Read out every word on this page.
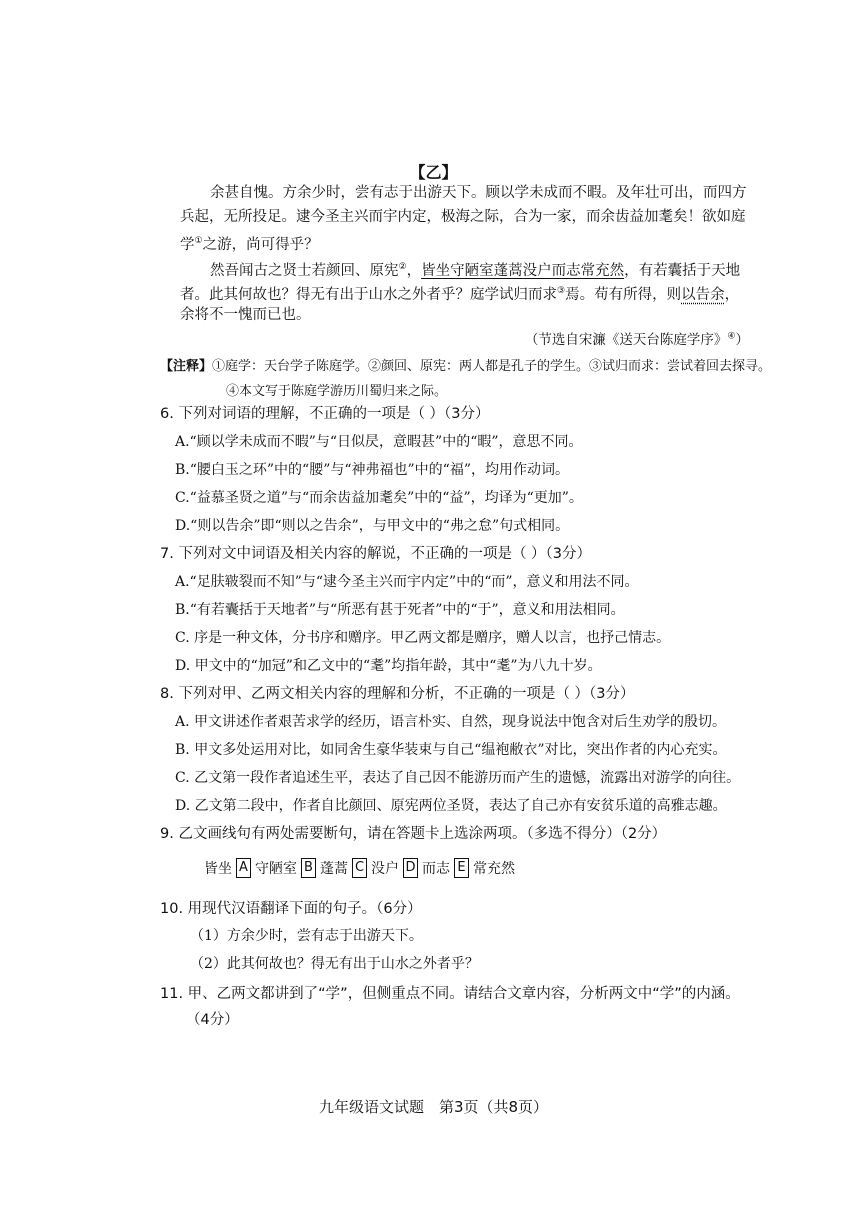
【乙】
余甚自愧。方余少时，尝有志于出游天下。顾以学未成而不暇。及年壮可出，而四方
兵起，无所投足。逮今圣主兴而宇内定，极海之际，合为一家，而余齿益加耄矣！欲如庭
学①之游，尚可得乎？
然吾闻古之贤士若颜回、原宪②，皆坐守陋室蓬蒿没户而志常充然，有若囊括于天地
者。此其何故也？得无有出于山水之外者乎？庭学试归而求③焉。苟有所得，则以告余，
余将不一愧而已也。
（节选自宋濂《送天台陈庭学序》④）
【注释】①庭学：天台学子陈庭学。②颜回、原宪：两人都是孔子的学生。③试归而求：尝试着回去探寻。
④本文写于陈庭学游历川蜀归来之际。
6. 下列对词语的理解，不正确的一项是（ ）（3分）
A.“顾以学未成而不暇”与“日似昃，意暇甚”中的“暇”，意思不同。
B.“腰白玉之环”中的“腰”与“神弗福也”中的“福”，均用作动词。
C.“益慕圣贤之道”与“而余齿益加耄矣”中的“益”，均译为“更加”。
D.“则以告余”即“则以之告余”，与甲文中的“弗之怠”句式相同。
7. 下列对文中词语及相关内容的解说，不正确的一项是（ ）（3分）
A.“足肤皲裂而不知”与“逮今圣主兴而宇内定”中的“而”，意义和用法不同。
B.“有若囊括于天地者”与“所恶有甚于死者”中的“于”，意义和用法相同。
C. 序是一种文体，分书序和赠序。甲乙两文都是赠序，赠人以言，也抒己情志。
D. 甲文中的“加冠”和乙文中的“耄”均指年龄，其中“耄”为八九十岁。
8. 下列对甲、乙两文相关内容的理解和分析，不正确的一项是（ ）（3分）
A. 甲文讲述作者艰苦求学的经历，语言朴实、自然，现身说法中饱含对后生劝学的殷切。
B. 甲文多处运用对比，如同舍生豪华装束与自己“缊袍敝衣”对比，突出作者的内心充实。
C. 乙文第一段作者追述生平，表达了自己因不能游历而产生的遗憾，流露出对游学的向往。
D. 乙文第二段中，作者自比颜回、原宪两位圣贤，表达了自己亦有安贫乐道的高雅志趣。
9. 乙文画线句有两处需要断句，请在答题卡上选涂两项。（多选不得分）（2分）
皆坐 A 守陋室 B 蓬蒿 C 没户 D 而志 E 常充然
10. 用现代汉语翻译下面的句子。（6分）
（1）方余少时，尝有志于出游天下。
（2）此其何故也？得无有出于山水之外者乎？
11. 甲、乙两文都讲到了“学”，但侧重点不同。请结合文章内容，分析两文中“学”的内涵。
（4分）
九年级语文试题　第3页（共8页）
